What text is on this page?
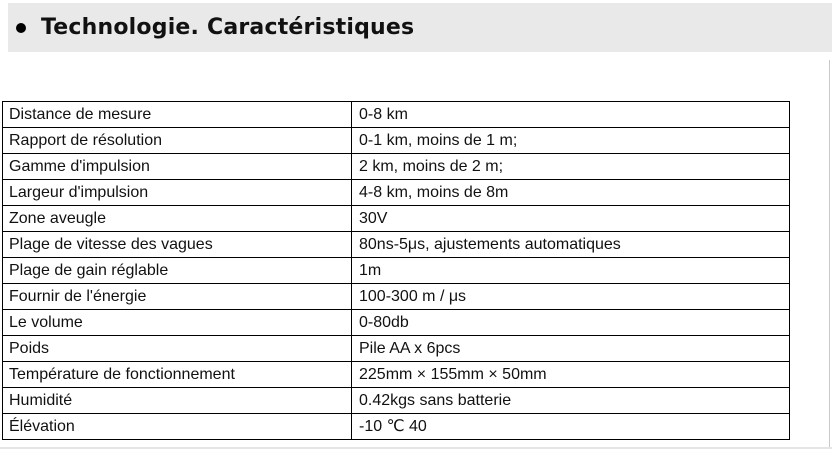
Technologie. Caractéristiques
Distance de mesure	0-8 km
Rapport de résolution	0-1 km, moins de 1 m;
Gamme d'impulsion	2 km, moins de 2 m;
Largeur d'impulsion	4-8 km, moins de 8m
Zone aveugle	30V
Plage de vitesse des vagues	80ns-5μs, ajustements automatiques
Plage de gain réglable	1m
Fournir de l'énergie	100-300 m / μs
Le volume	0-80db
Poids	Pile AA x 6pcs
Température de fonctionnement	225mm × 155mm × 50mm
Humidité	0.42kgs sans batterie
Élévation	-10 ℃ 40
